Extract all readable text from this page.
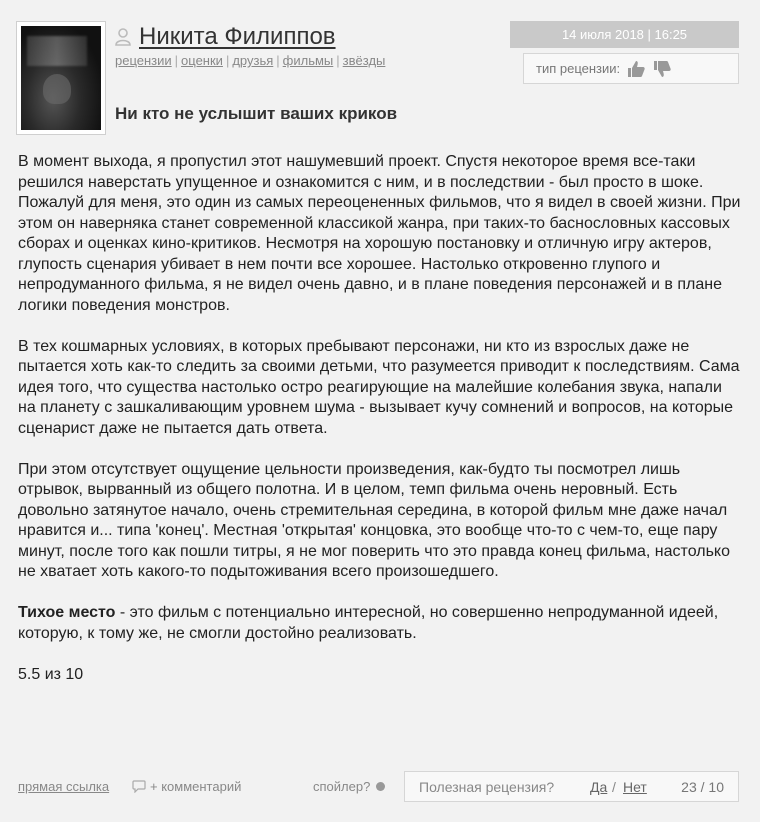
Никита Филиппов
рецензии | оценки | друзья | фильмы | звёзды
14 июля 2018 | 16:25
тип рецензии:
Ни кто не услышит ваших криков

В момент выхода, я пропустил этот нашумевший проект. Спустя некоторое время все-таки решился наверстать упущенное и ознакомится с ним, и в последствии - был просто в шоке. Пожалуй для меня, это один из самых переоцененных фильмов, что я видел в своей жизни. При этом он наверняка станет современной классикой жанра, при таких-то баснословных кассовых сборах и оценках кино-критиков. Несмотря на хорошую постановку и отличную игру актеров, глупость сценария убивает в нем почти все хорошее. Настолько откровенно глупого и непродуманного фильма, я не видел очень давно, и в плане поведения персонажей и в плане логики поведения монстров.

В тех кошмарных условиях, в которых пребывают персонажи, ни кто из взрослых даже не пытается хоть как-то следить за своими детьми, что разумеется приводит к последствиям. Сама идея того, что существа настолько остро реагирующие на малейшие колебания звука, напали на планету с зашкаливающим уровнем шума - вызывает кучу сомнений и вопросов, на которые сценарист даже не пытается дать ответа.

При этом отсутствует ощущение цельности произведения, как-будто ты посмотрел лишь отрывок, вырванный из общего полотна. И в целом, темп фильма очень неровный. Есть довольно затянутое начало, очень стремительная середина, в которой фильм мне даже начал нравится и... типа 'конец'. Местная 'открытая' концовка, это вообще что-то с чем-то, еще пару минут, после того как пошли титры, я не мог поверить что это правда конец фильма, настолько не хватает хоть какого-то подытоживания всего произошедшего.

Тихое место - это фильм с потенциально интересной, но совершенно непродуманной идеей, которую, к тому же, не смогли достойно реализовать.

5.5 из 10

прямая ссылка	+ комментарий	спойлер?	Полезная рецензия?	Да / Нет 23 / 10
